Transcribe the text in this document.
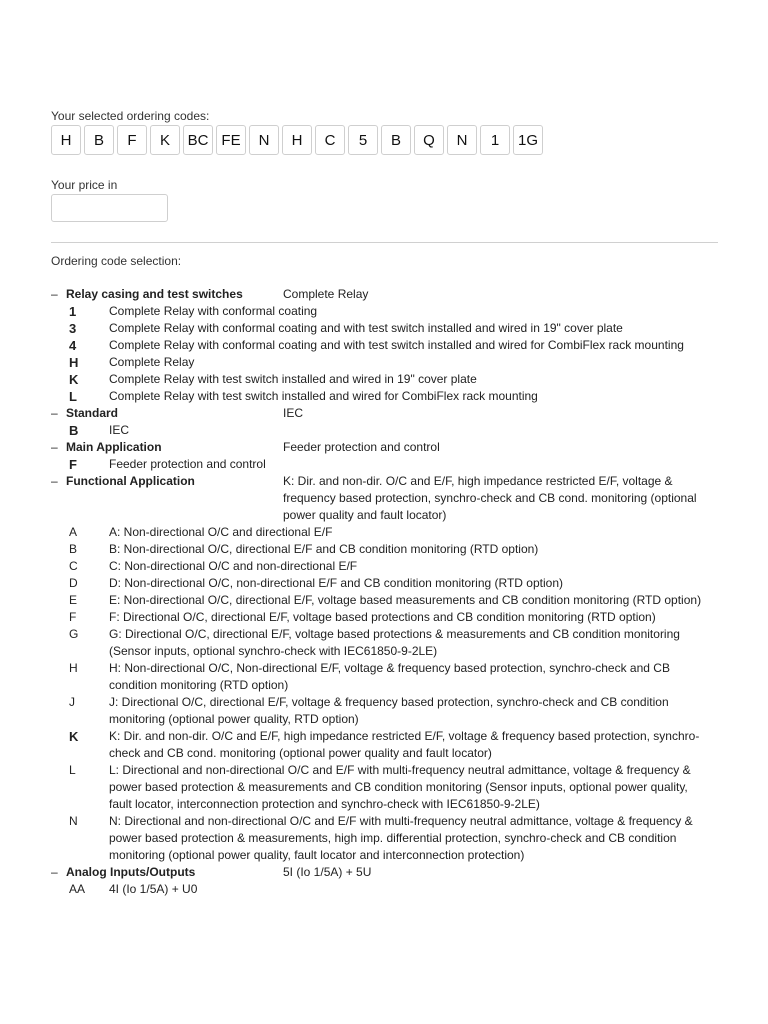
Your selected ordering codes:
H	B	F	K	BC FE	N	H	C	5	B	Q	N	1	1G
Your price in
Ordering code selection:
– Relay casing and test switches	Complete Relay
1	Complete Relay with conformal coating
3	Complete Relay with conformal coating and with test switch installed and wired in 19" cover plate
4	Complete Relay with conformal coating and with test switch installed and wired for CombiFlex rack mounting
H	Complete Relay
K	Complete Relay with test switch installed and wired in 19" cover plate
L	Complete Relay with test switch installed and wired for CombiFlex rack mounting
– Standard	IEC
B	IEC
– Main Application	Feeder protection and control
F	Feeder protection and control
– Functional Application	K: Dir. and non-dir. O/C and E/F, high impedance restricted E/F, voltage & frequency based protection, synchro-check and CB cond. monitoring (optional power quality and fault locator)
A	A: Non-directional O/C and directional E/F
B	B: Non-directional O/C, directional E/F and CB condition monitoring (RTD option)
C	C: Non-directional O/C and non-directional E/F
D	D: Non-directional O/C, non-directional E/F and CB condition monitoring (RTD option)
E	E: Non-directional O/C, directional E/F, voltage based measurements and CB condition monitoring (RTD option)
F	F: Directional O/C, directional E/F, voltage based protections and CB condition monitoring (RTD option)
G	G: Directional O/C, directional E/F, voltage based protections & measurements and CB condition monitoring (Sensor inputs, optional synchro-check with IEC61850-9-2LE)
H	H: Non-directional O/C, Non-directional E/F, voltage & frequency based protection, synchro-check and CB condition monitoring (RTD option)
J	J: Directional O/C, directional E/F, voltage & frequency based protection, synchro-check and CB condition monitoring (optional power quality, RTD option)
K	K: Dir. and non-dir. O/C and E/F, high impedance restricted E/F, voltage & frequency based protection, synchro-check and CB cond. monitoring (optional power quality and fault locator)
L	L: Directional and non-directional O/C and E/F with multi-frequency neutral admittance, voltage & frequency & power based protection & measurements and CB condition monitoring (Sensor inputs, optional power quality, fault locator, interconnection protection and synchro-check with IEC61850-9-2LE)
N	N: Directional and non-directional O/C and E/F with multi-frequency neutral admittance, voltage & frequency & power based protection & measurements, high imp. differential protection, synchro-check and CB condition monitoring (optional power quality, fault locator and interconnection protection)
– Analog Inputs/Outputs	5I (Io 1/5A) + 5U
AA	4I (Io 1/5A) + U0
